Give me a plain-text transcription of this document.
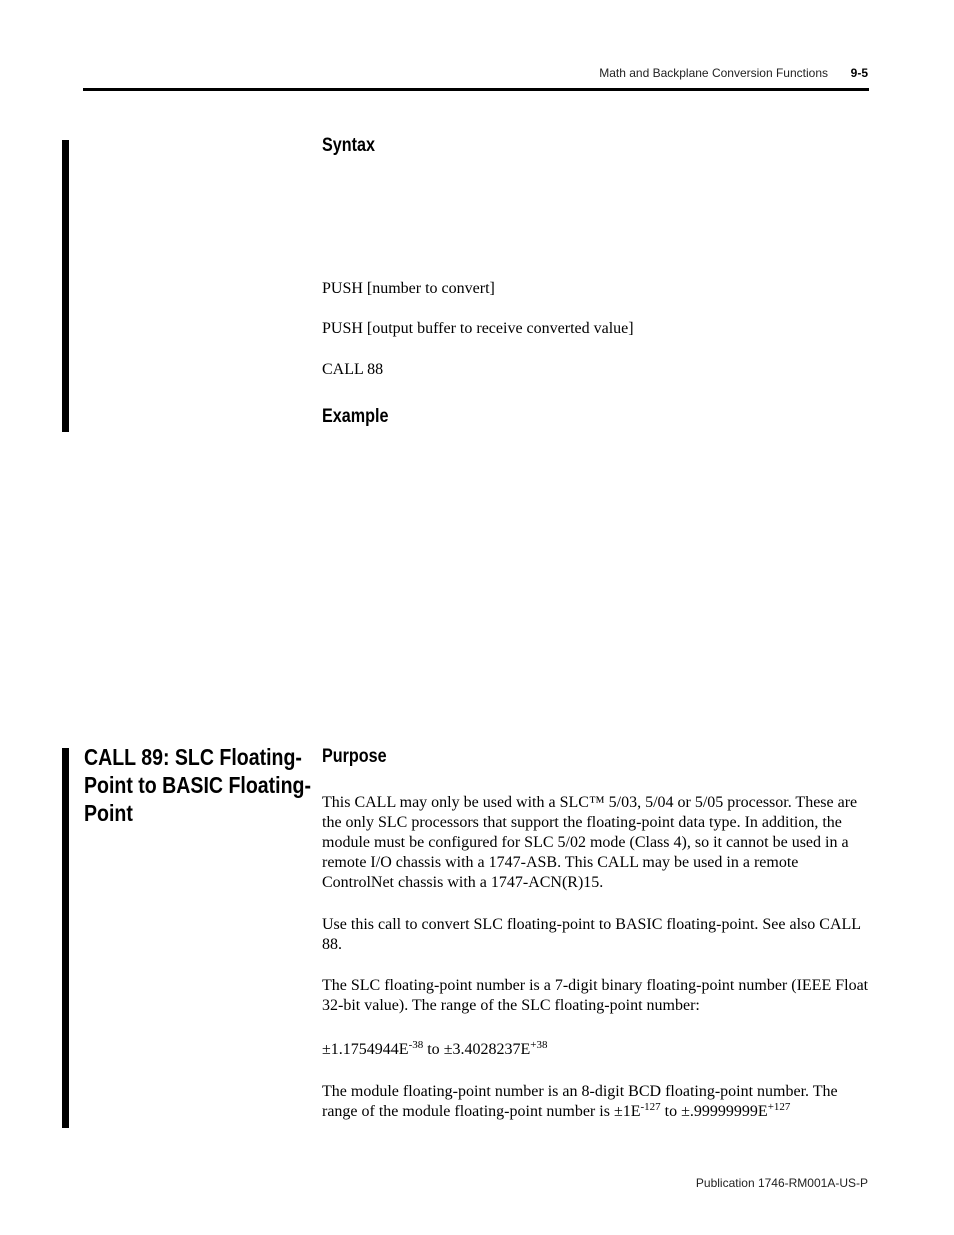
Math and Backplane Conversion Functions 9-5
Syntax

PUSH [number to convert]

PUSH [output buffer to receive converted value]

CALL 88

Example
CALL 89: SLC Floating-Point to BASIC Floating-Point
Purpose

This CALL may only be used with a SLC™ 5/03, 5/04 or 5/05 processor. These are the only SLC processors that support the floating-point data type. In addition, the module must be configured for SLC 5/02 mode (Class 4), so it cannot be used in a remote I/O chassis with a 1747-ASB. This CALL may be used in a remote ControlNet chassis with a 1747-ACN(R)15.

Use this call to convert SLC floating-point to BASIC floating-point. See also CALL 88.

The SLC floating-point number is a 7-digit binary floating-point number (IEEE Float 32-bit value). The range of the SLC floating-point number:

$\pm 1.1754944E^{-38}$ to $\pm 3.4028237E^{+38}$

The module floating-point number is an 8-digit BCD floating-point number. The range of the module floating-point number is $\pm 1E^{-127}$ to $\pm.99999999E^{+127}$

Publication 1746-RM001A-US-P
